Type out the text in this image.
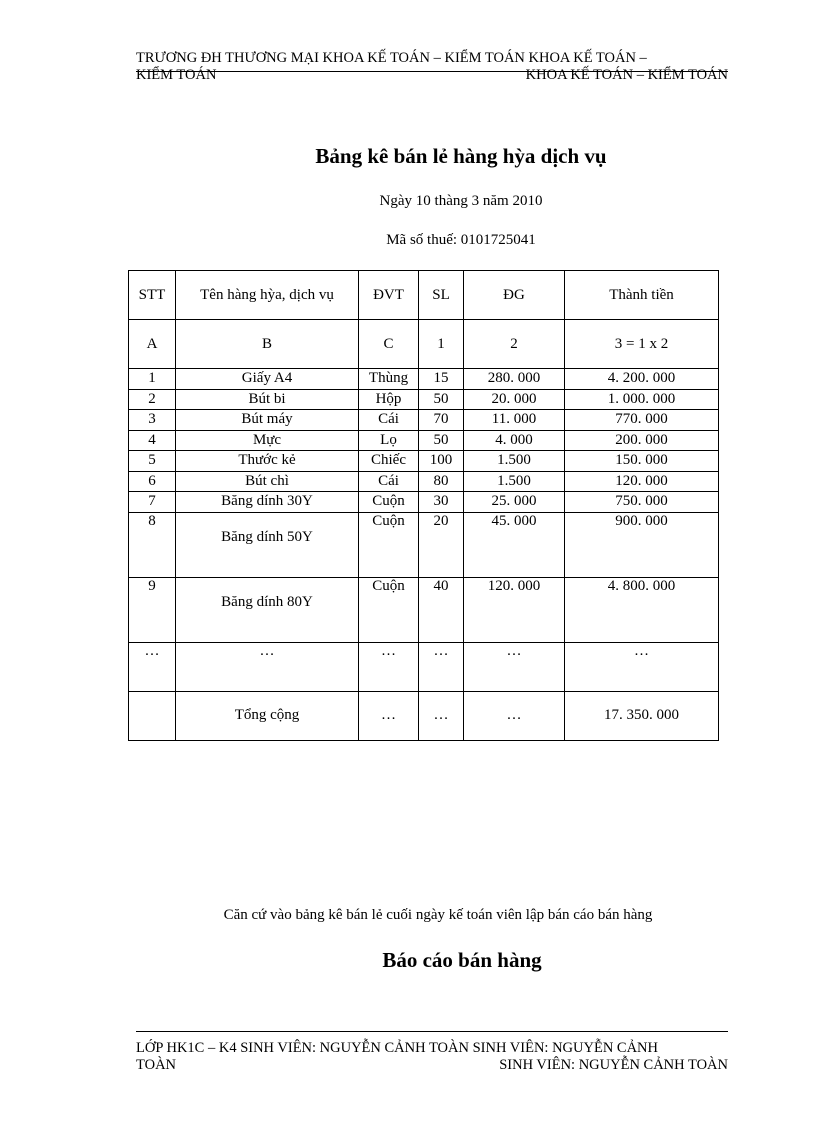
TRƯƠNG ĐH THƯƠNG MẠI KHOA KẾ TOÁN – KIỂM TOÁN KHOA KẾ TOÁN –
KIỂM TOÁN	KHOA KẾ TOÁN – KIỂM TOÁN
Bảng kê bán lẻ hàng hỳa dịch vụ
Ngày 10 thàng 3 năm 2010
Mã số thuế: 0101725041
STT	Tên hàng hỳa, dịch vụ	ĐVT	SL	ĐG	Thành tiền
A	B	C	1	2	3 = 1 x 2
1	Giấy A4	Thùng	15	280. 000	4. 200. 000
2	Bút bi	Hộp	50	20. 000	1. 000. 000
3	Bút máy	Cái	70	11. 000	770. 000
4	Mực	Lọ	50	4. 000	200. 000
5	Thước kẻ	Chiếc	100	1.500	150. 000
6	Bút chì	Cái	80	1.500	120. 000
7	Băng dính 30Y	Cuộn	30	25. 000	750. 000
8	Băng dính 50Y	Cuộn	20	45. 000	900. 000
9	Băng dính 80Y	Cuộn	40	120. 000	4. 800. 000
…	…	…	…	…	…
	Tổng cộng	…	…	…	17. 350. 000
Căn cứ vào bảng kê bán lẻ cuối ngày kế toán viên lập bán cáo bán hàng
Báo cáo bán hàng
LỚP HK1C – K4 SINH VIÊN: NGUYỄN CẢNH TOÀN SINH VIÊN: NGUYỄN CẢNH
TOÀN	SINH VIÊN: NGUYỄN CẢNH TOÀN
